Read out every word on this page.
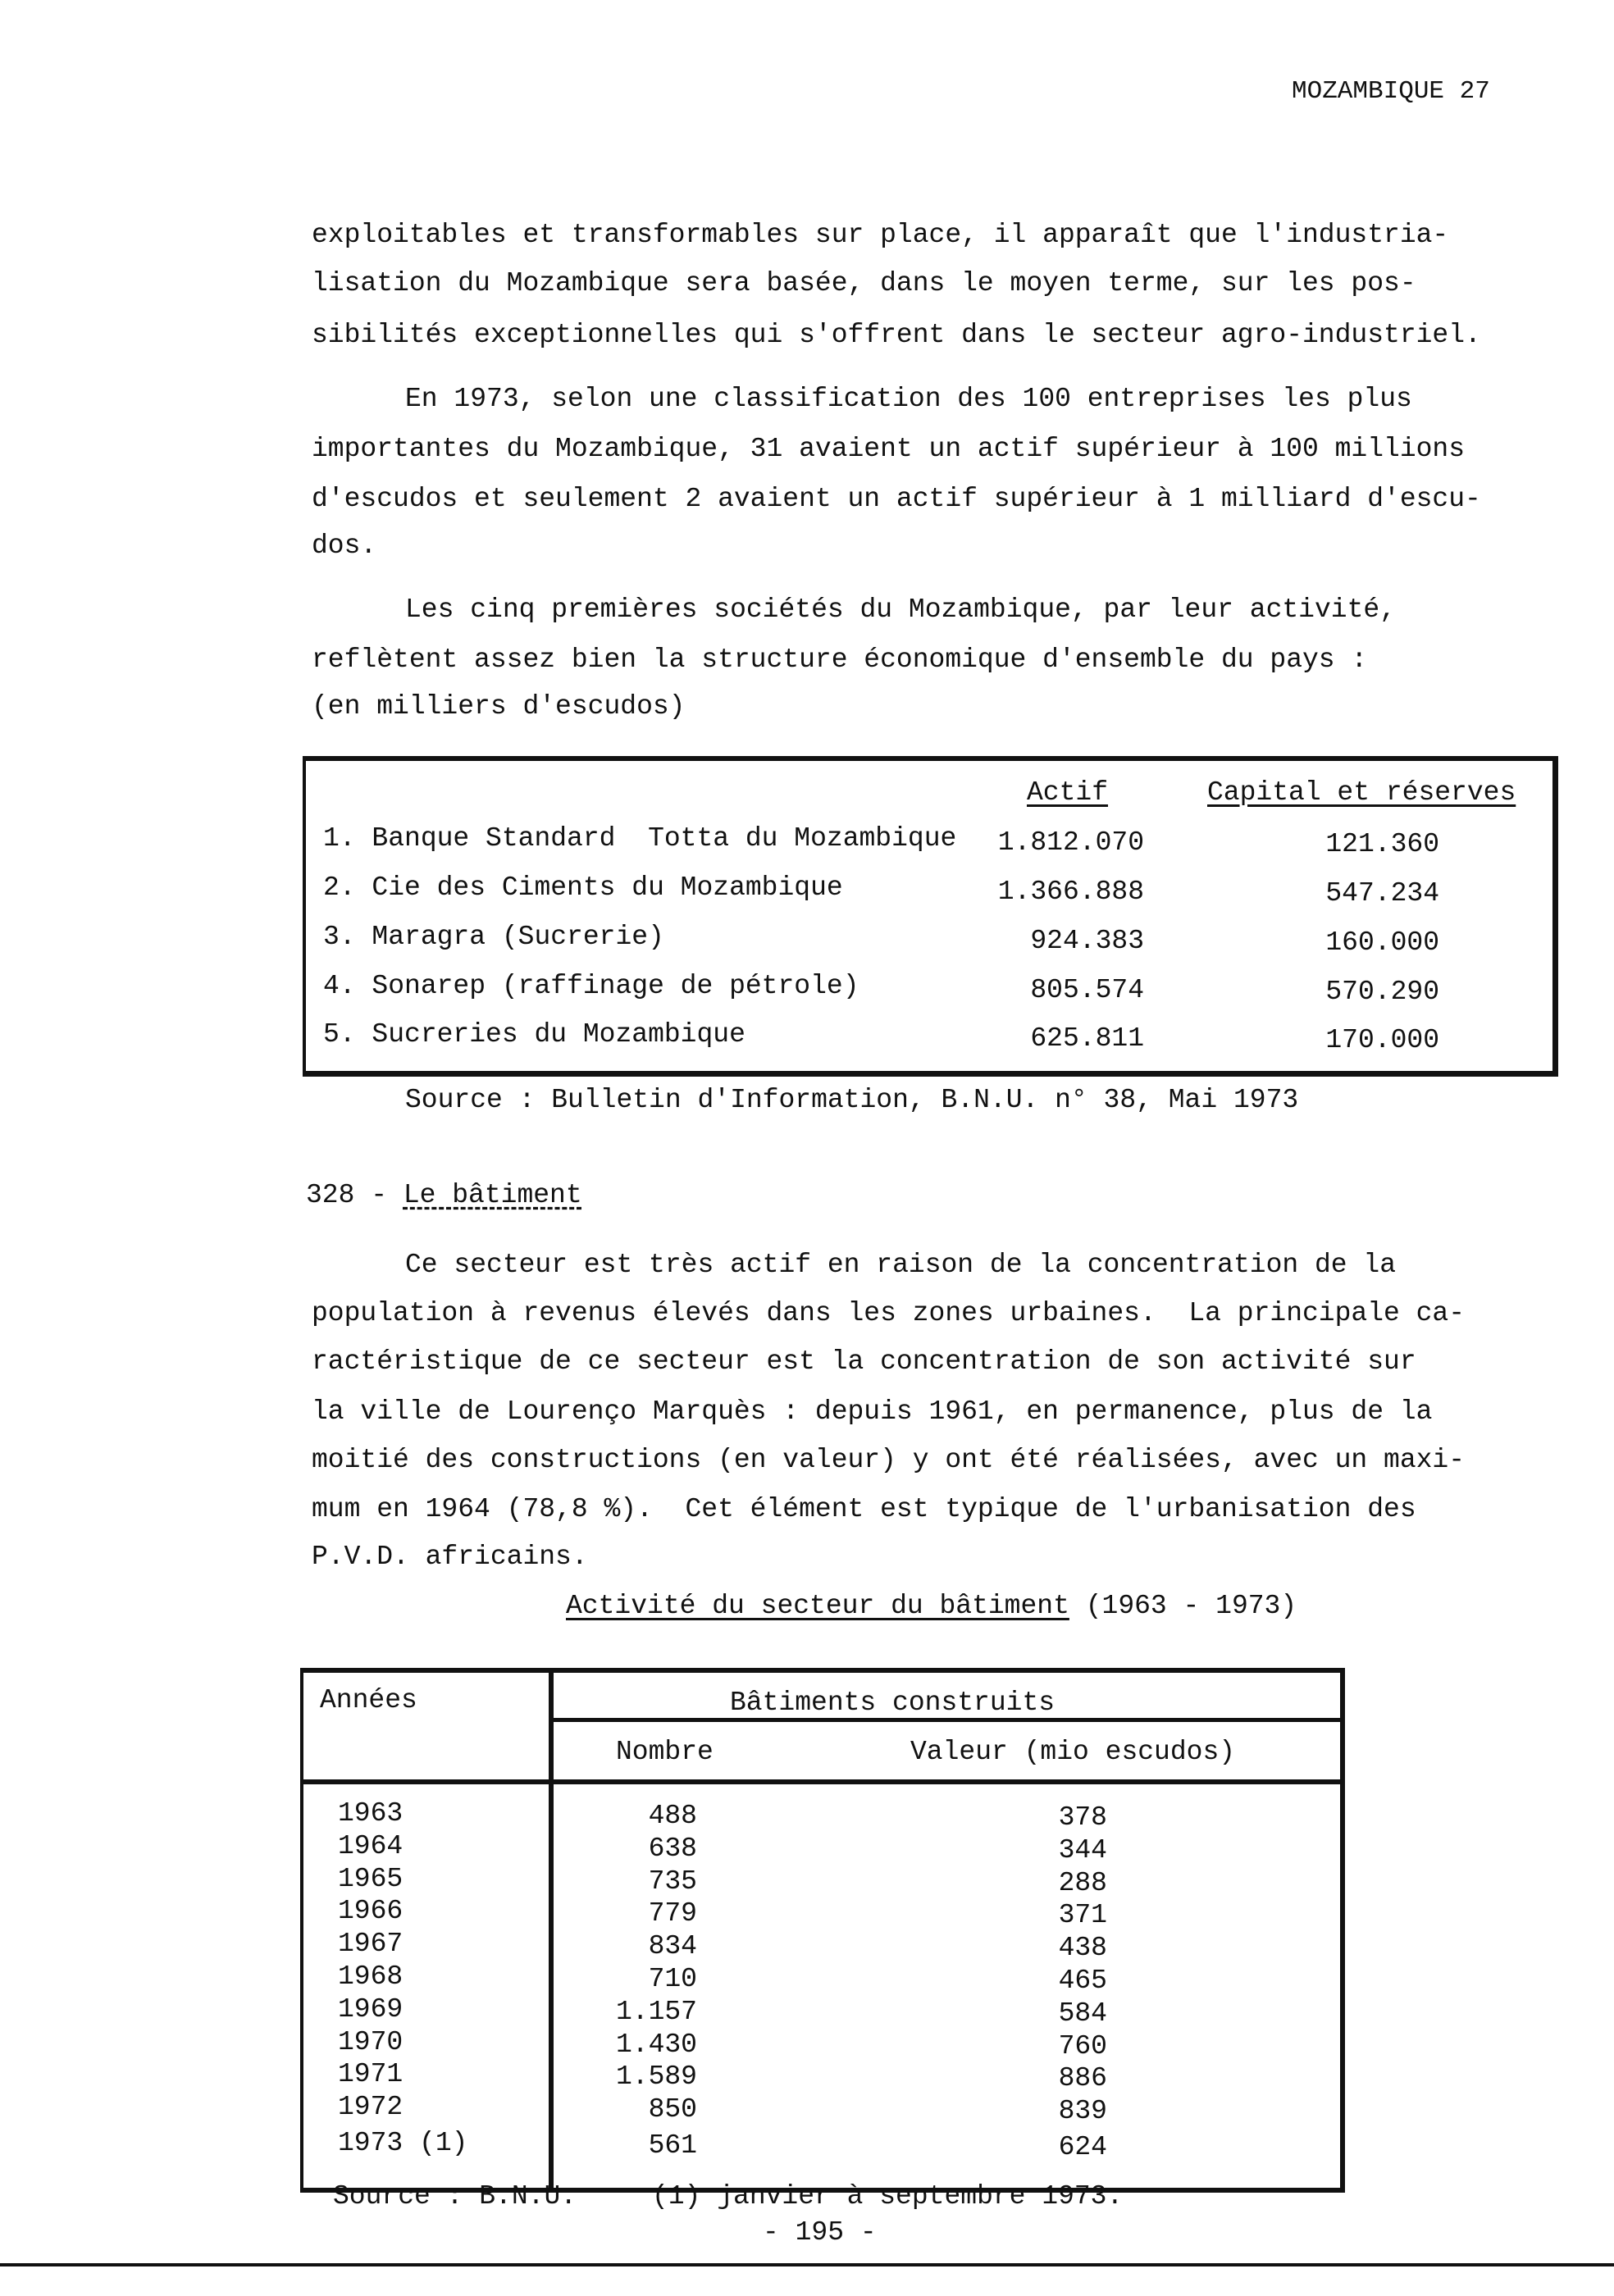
MOZAMBIQUE 27
exploitables et transformables sur place, il apparaît que l'industria-
lisation du Mozambique sera basée, dans le moyen terme, sur les pos-
sibilités exceptionnelles qui s'offrent dans le secteur agro-industriel.
En 1973, selon une classification des 100 entreprises les plus
importantes du Mozambique, 31 avaient un actif supérieur à 100 millions
d'escudos et seulement 2 avaient un actif supérieur à 1 milliard d'escu-
dos.
Les cinq premières sociétés du Mozambique, par leur activité,
reflètent assez bien la structure économique d'ensemble du pays :
(en milliers d'escudos)
Actif	Capital et réserves
1. Banque Standard  Totta du Mozambique	1.812.070	121.360
2. Cie des Ciments du Mozambique	1.366.888	547.234
3. Maragra (Sucrerie)	924.383	160.000
4. Sonarep (raffinage de pétrole)	805.574	570.290
5. Sucreries du Mozambique	625.811	170.000
Source : Bulletin d'Information, B.N.U. n° 38, Mai 1973
328 - Le bâtiment
Ce secteur est très actif en raison de la concentration de la
population à revenus élevés dans les zones urbaines.  La principale ca-
ractéristique de ce secteur est la concentration de son activité sur
la ville de Lourenço Marquès : depuis 1961, en permanence, plus de la
moitié des constructions (en valeur) y ont été réalisées, avec un maxi-
mum en 1964 (78,8 %).  Cet élément est typique de l'urbanisation des
P.V.D. africains.
Activité du secteur du bâtiment (1963 - 1973)
Années	Bâtiments construits
Nombre	Valeur (mio escudos)
1963	488	378
1964	638	344
1965	735	288
1966	779	371
1967	834	438
1968	710	465
1969	1.157	584
1970	1.430	760
1971	1.589	886
1972	850	839
1973 (1)	561	624
Source : B.N.U.	(1) janvier à septembre 1973.
- 195 -
